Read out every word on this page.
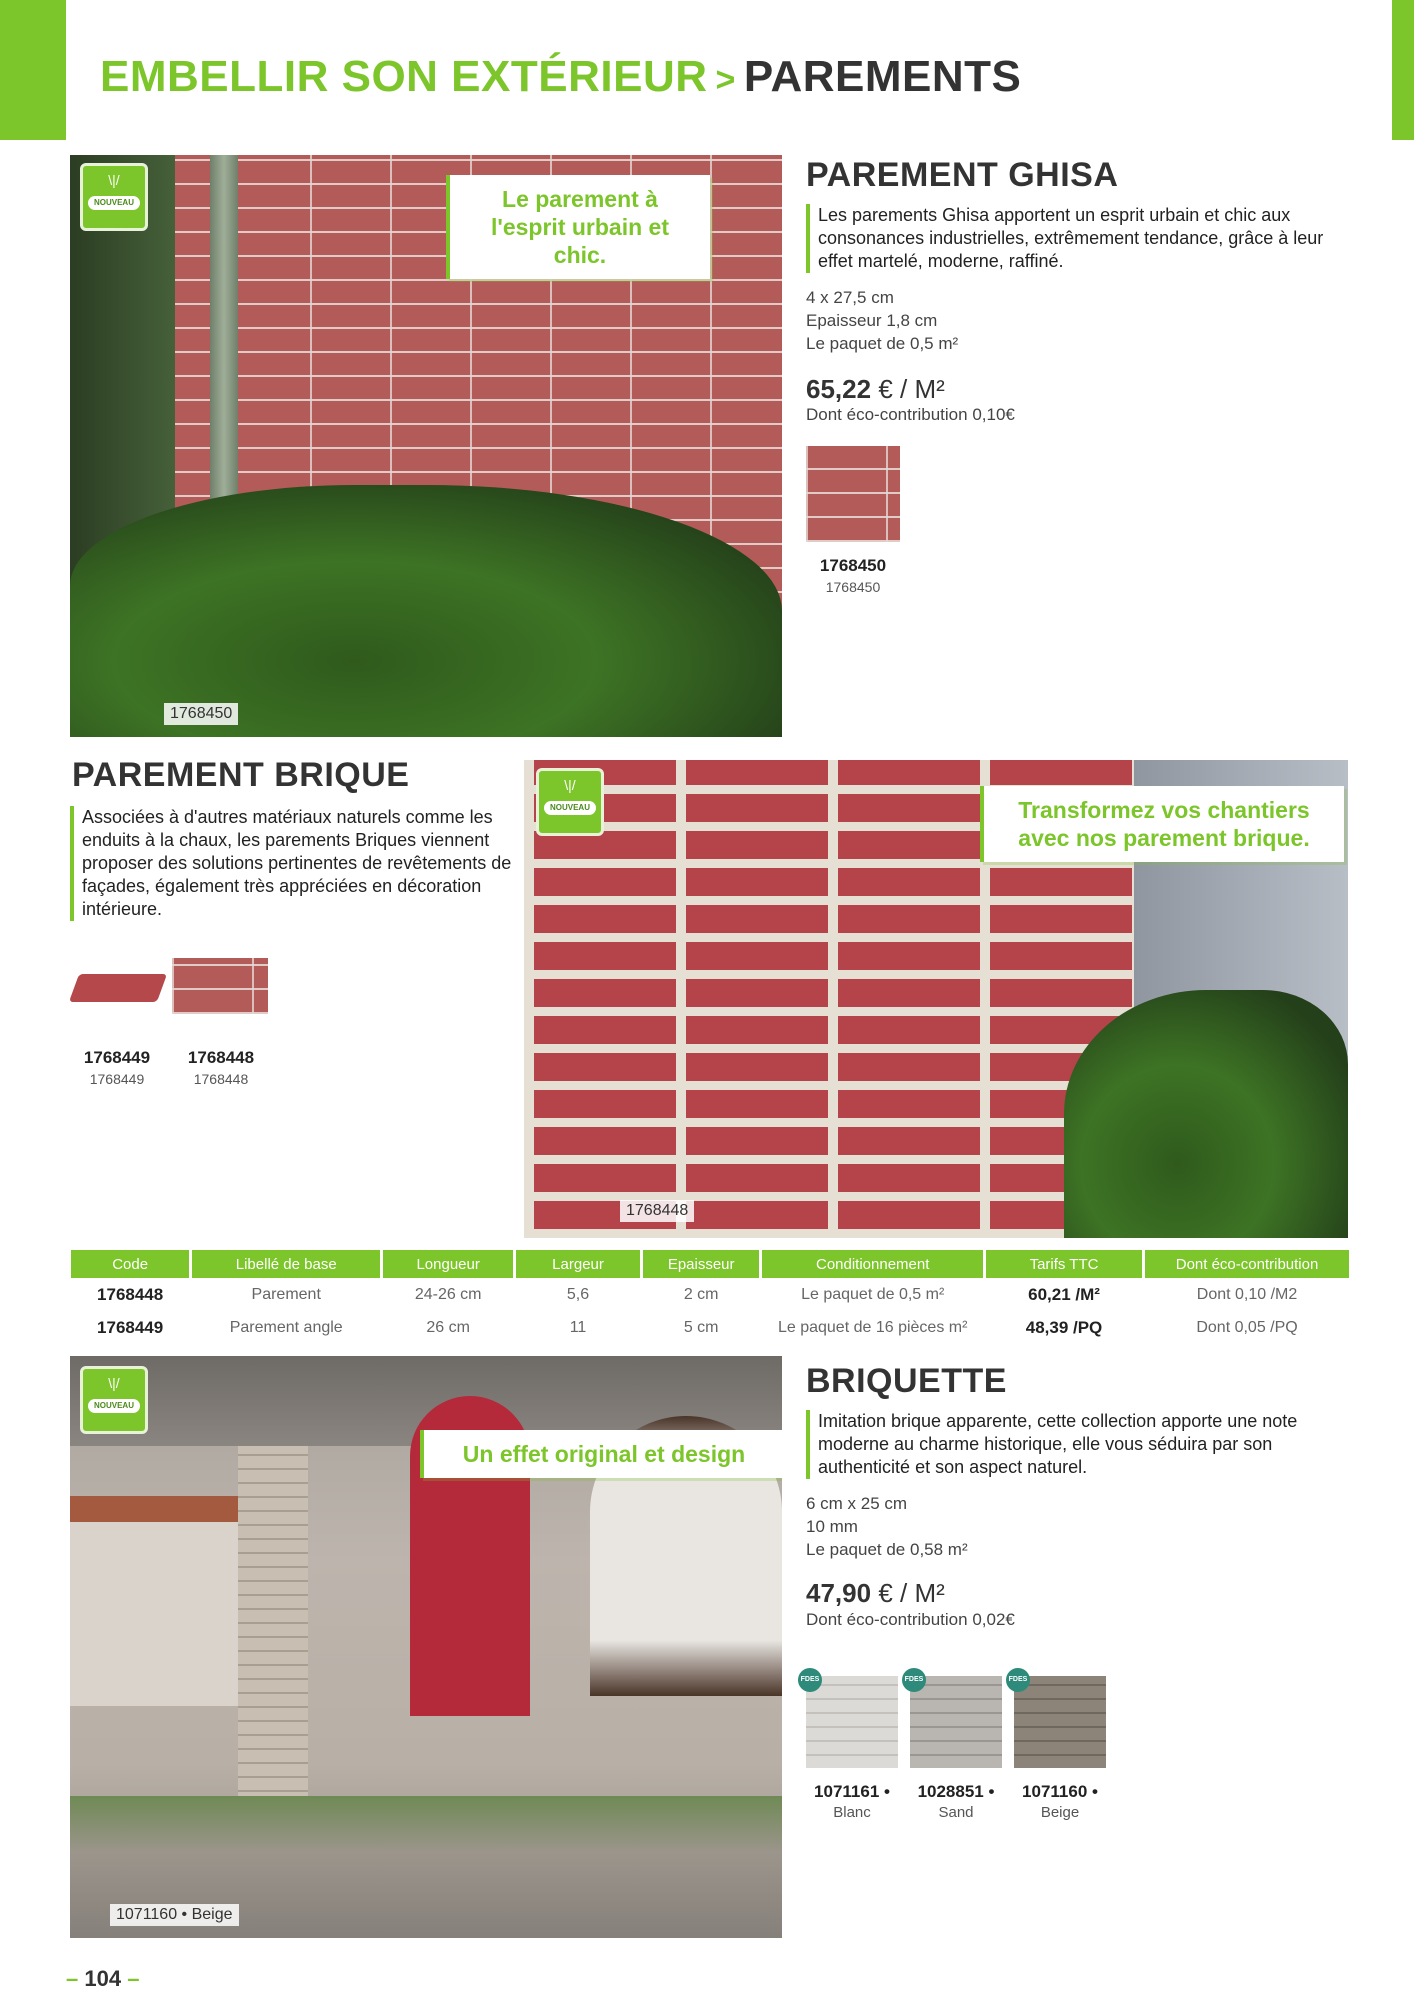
EMBELLIR SON EXTÉRIEUR > PAREMENTS
\|/
NOUVEAU	Le parement à l'esprit urbain et chic.
1768450
PAREMENT GHISA
Les parements Ghisa apportent un esprit urbain et chic aux consonances industrielles, extrêmement tendance, grâce à leur effet martelé, moderne, raffiné.
4 x 27,5 cm
Epaisseur 1,8 cm
Le paquet de 0,5 m²
65,22 € / M²
Dont éco-contribution 0,10€
1768450
1768450
PAREMENT BRIQUE
Associées à d'autres matériaux naturels comme les enduits à la chaux, les parements Briques viennent proposer des solutions pertinentes de revêtements de façades, également très appréciées en décoration intérieure.
1768449
1768449
1768448
1768448
\|/
NOUVEAU	Transformez vos chantiers avec nos parement brique.
1768448
Code	Libellé de base	Longueur	Largeur	Epaisseur	Conditionnement	Tarifs TTC	Dont éco-contribution
1768448	Parement	24-26 cm	5,6	2 cm	Le paquet de 0,5 m²	60,21 /M²	Dont 0,10 /M2
1768449	Parement angle	26 cm	11	5 cm	Le paquet de 16 pièces m²	48,39 /PQ	Dont 0,05 /PQ
\|/
NOUVEAU
Un effet original et design
1071160 • Beige
BRIQUETTE
Imitation brique apparente, cette collection apporte une note moderne au charme historique, elle vous séduira par son authenticité et son aspect naturel.
6 cm x 25 cm
10 mm
Le paquet de 0,58 m²
47,90 € / M²
Dont éco-contribution 0,02€
FDES	FDES	FDES
1071161 •
Blanc
1028851 •
Sand
1071160 •
Beige
– 104 –
